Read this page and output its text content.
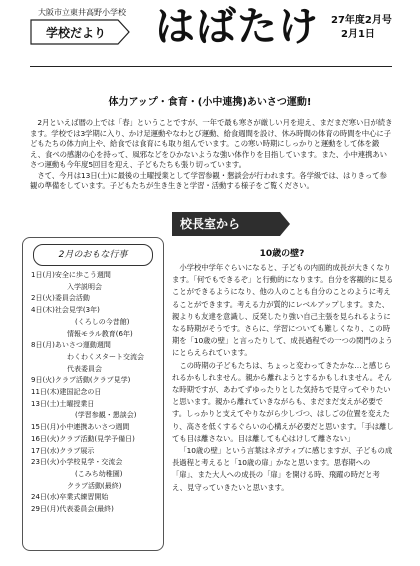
大阪市立東井高野小学校
学校だより	はばたけ 27年度2月号
2月1日
体力アップ・食育・(小中連携)あいさつ運動!

2月といえば暦の上では「春」ということですが、一年で最も寒さが厳しい月を迎え、まだまだ寒い日が続きます。学校では3学期に入り、かけ足運動やなわとび運動、給食週間を設け、休み時間の体育の時間を中心に子どもたちの体力向上や、給食では食育にも取り組んでいます。この寒い時期にしっかりと運動をして体を鍛え、食べの感謝の心を持って、風邪などをひかないような強い体作りを目指しています。また、小中連携あいさつ運動も今年度5回目を迎え、子どもたちも張り切っています。

さて、今月は13日(土)に最後の土曜授業として学習参観・懇談会が行われます。各学級では、はりきって参観の準備をしています。子どもたちが生き生きと学習・活動する様子をご覧ください。

2月のおもな行事
1日(月)安全に歩こう週間
入学説明会
2日(火)委員会活動
4日(木)社会見学(3年)
(くろしの今昔館)
情報モラル教育(6年)
8日(月)あいさつ運動週間
わくわくスタート交流会
代表委員会
9日(火)クラブ活動(クラブ見学)
11日(木)建国記念の日
13日(土)土曜授業日
(学習参観・懇談会)
15日(月)小中連携あいさつ週間
16日(火)クラブ活動(見学予備日)
17日(水)クラブ展示
23日(火)小学校見学・交流会
(こみち幼稚園)
クラブ活動(最終)
24日(水)卒業式練習開始
29日(月)代表委員会(最終)
校長室から
10歳の壁?

小学校中学年ぐらいになると、子どもの内面的成長が大きくなります。「何でもできるぞ」と行動的になります。自分を客観的に見ることができるようになり、他の人のことも自分のことのように考えることができます。考える力が質的にレベルアップします。また、親よりも友達を意識し、反発したり強い自己主張を見られるようになる時期がそうです。さらに、学習についても難しくなり、この時期を「10歳の壁」と言ったりして、成長過程での一つの関門のようにとらえられています。

この時期の子どもたちは、ちょっと変わってきたかな…と感じられるかもしれません。親から離れようとするかもしれません。そんな時期ですが、あわてずゆったりとした気持ちで見守ってやりたいと思います。親から離れていきながらも、まだまだ支えが必要です。しっかりと支えてやりながら少しづつ、はしごの位置を変えたり、高さを低くするぐらいの心構えが必要だと思います。「手は離しても目は離さない。目は離しても心はけして離さない」

「10歳の壁」という言葉はネガティブに感じますが、子どもの成長過程と考えると「10歳の扉」かなと思います。思春期への「扉」、また大人への成長の「扉」を開ける時、飛躍の時だと考え、見守っていきたいと思います。
